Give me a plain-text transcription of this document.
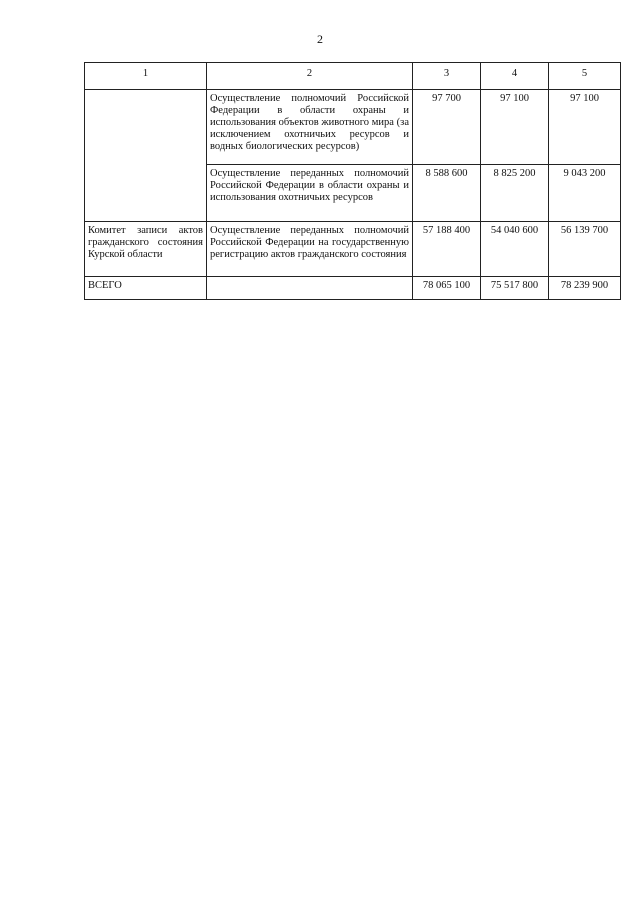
2
1	2	3	4	5
	Осуществление полномочий Российской Федерации в области охраны и использования объектов животного мира (за исключением охотничьих ресурсов и водных биологических ресурсов)	97 700	97 100	97 100
	Осуществление переданных полномочий Российской Федерации в области охраны и использования охотничьих ресурсов	8 588 600	8 825 200	9 043 200
Комитет записи актов гражданского состояния Курской области	Осуществление переданных полномочий Российской Федерации на государственную регистрацию актов гражданского состояния	57 188 400	54 040 600	56 139 700
ВСЕГО		78 065 100	75 517 800	78 239 900
